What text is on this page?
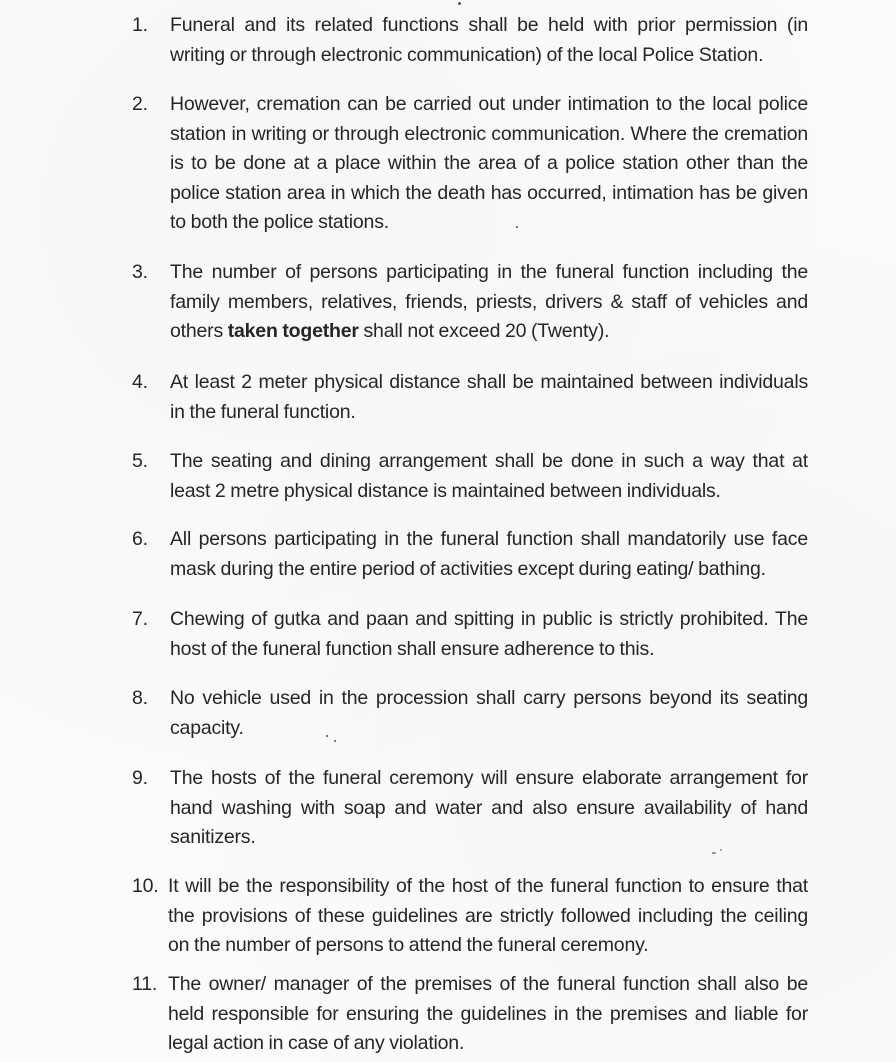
1.	Funeral and its related functions shall be held with prior permission (in writing or through electronic communication) of the local Police Station.
2.	However, cremation can be carried out under intimation to the local police station in writing or through electronic communication. Where the cremation is to be done at a place within the area of a police station other than the police station area in which the death has occurred, intimation has be given to both the police stations.
3.	The number of persons participating in the funeral function including the family members, relatives, friends, priests, drivers & staff of vehicles and others taken together shall not exceed 20 (Twenty).
4.	At least 2 meter physical distance shall be maintained between individuals in the funeral function.
5.	The seating and dining arrangement shall be done in such a way that at least 2 metre physical distance is maintained between individuals.
6.	All persons participating in the funeral function shall mandatorily use face mask during the entire period of activities except during eating/ bathing.
7.	Chewing of gutka and paan and spitting in public is strictly prohibited. The host of the funeral function shall ensure adherence to this.
8.	No vehicle used in the procession shall carry persons beyond its seating capacity.
9.	The hosts of the funeral ceremony will ensure elaborate arrangement for hand washing with soap and water and also ensure availability of hand sanitizers.
10. It will be the responsibility of the host of the funeral function to ensure that the provisions of these guidelines are strictly followed including the ceiling on the number of persons to attend the funeral ceremony.
11. The owner/ manager of the premises of the funeral function shall also be held responsible for ensuring the guidelines in the premises and liable for legal action in case of any violation.
